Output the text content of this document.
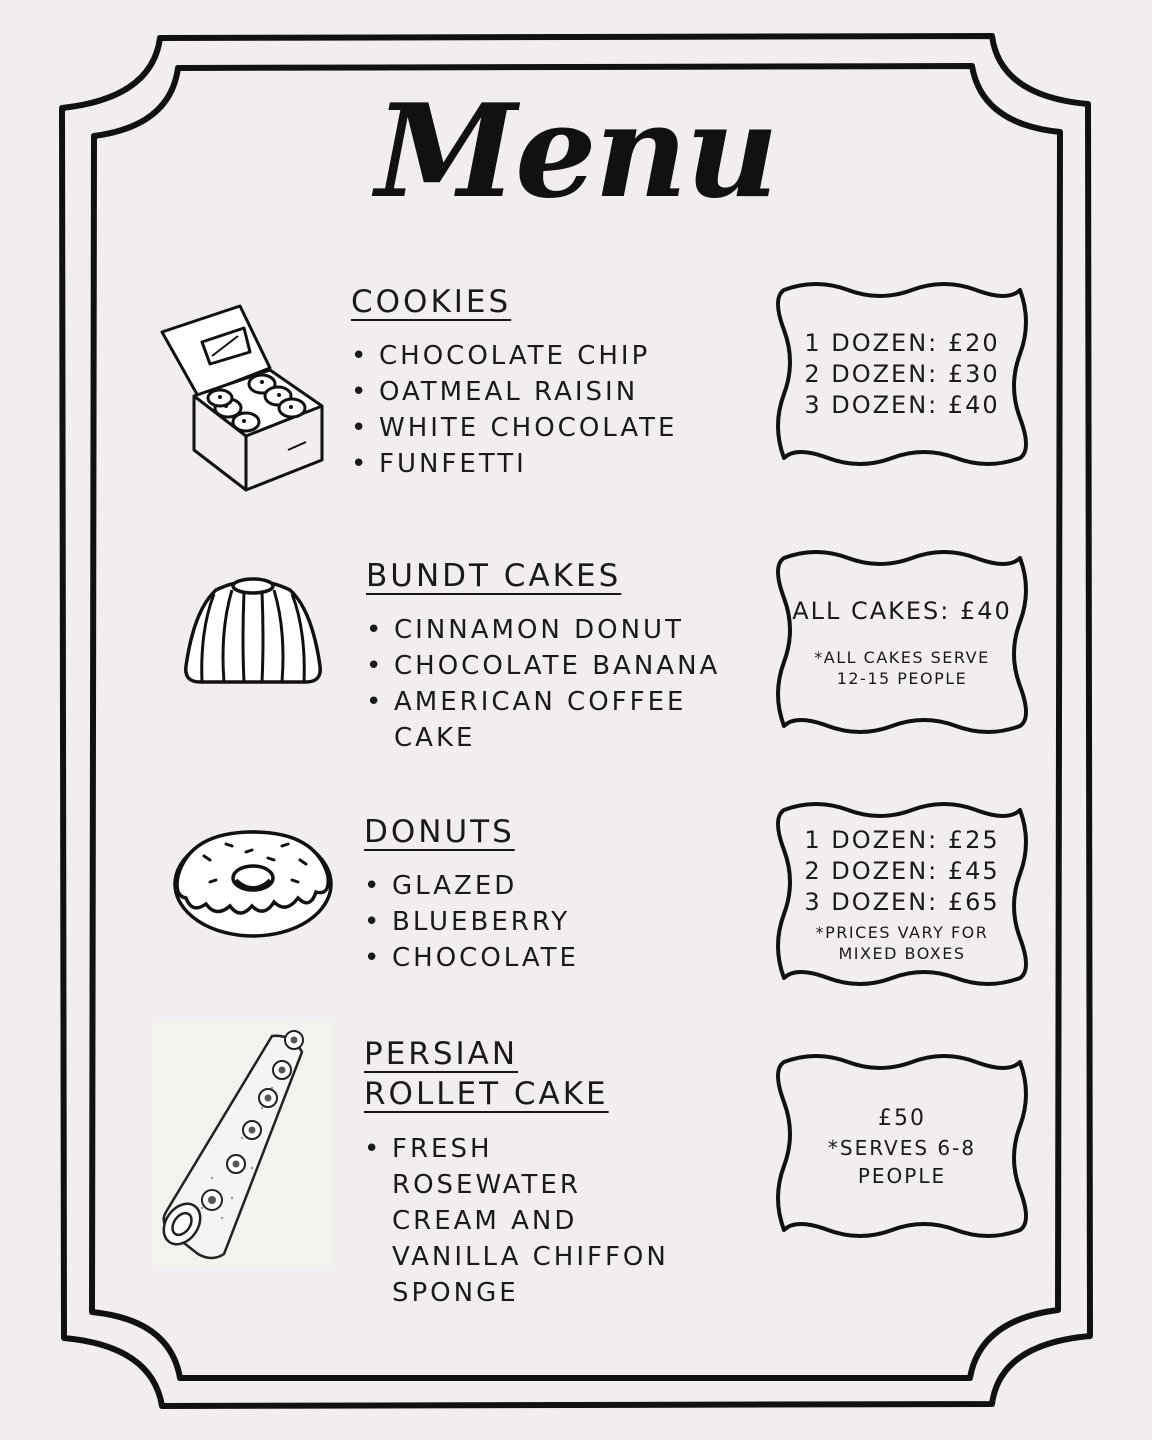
Menu
COOKIES
• CHOCOLATE CHIP
• OATMEAL RAISIN
• WHITE CHOCOLATE
• FUNFETTI
1 DOZEN: £20
2 DOZEN: £30
3 DOZEN: £40
BUNDT CAKES
• CINNAMON DONUT
• CHOCOLATE BANANA
• AMERICAN COFFEE CAKE
ALL CAKES: £40
*ALL CAKES SERVE 12-15 PEOPLE
DONUTS
• GLAZED
• BLUEBERRY
• CHOCOLATE
1 DOZEN: £25
2 DOZEN: £45
3 DOZEN: £65
*PRICES VARY FOR MIXED BOXES
PERSIAN ROLLET CAKE
• FRESH ROSEWATER CREAM AND VANILLA CHIFFON SPONGE
£50
*SERVES 6-8 PEOPLE
